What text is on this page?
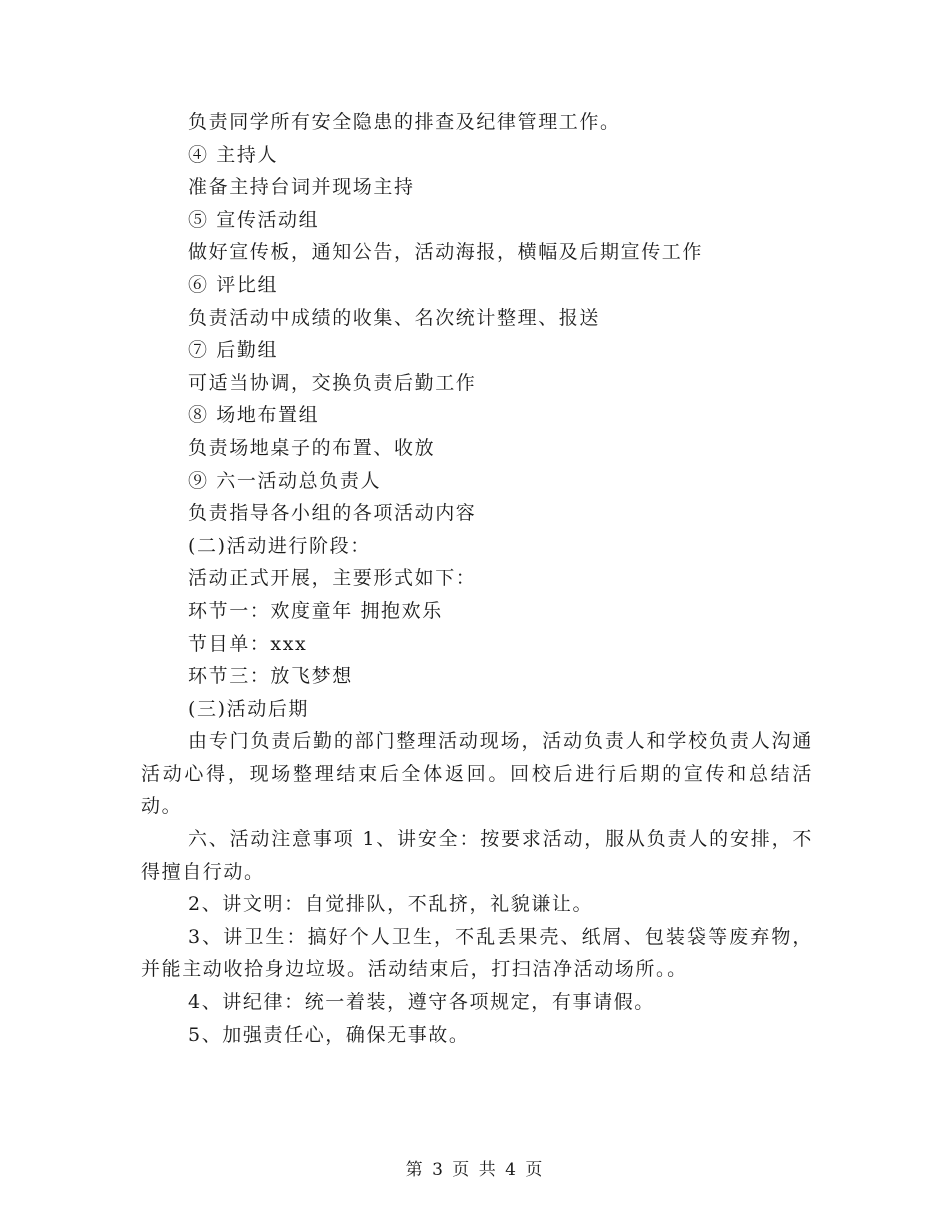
负责同学所有安全隐患的排查及纪律管理工作。

④ 主持人

准备主持台词并现场主持

⑤ 宣传活动组

做好宣传板，通知公告，活动海报，横幅及后期宣传工作

⑥ 评比组

负责活动中成绩的收集、名次统计整理、报送

⑦ 后勤组

可适当协调，交换负责后勤工作

⑧ 场地布置组

负责场地桌子的布置、收放

⑨ 六一活动总负责人

负责指导各小组的各项活动内容

(二)活动进行阶段：

活动正式开展，主要形式如下：

环节一：欢度童年 拥抱欢乐

节目单：xxx

环节三：放飞梦想

(三)活动后期

由专门负责后勤的部门整理活动现场，活动负责人和学校负责人沟通活动心得，现场整理结束后全体返回。回校后进行后期的宣传和总结活动。

六、活动注意事项 1、讲安全：按要求活动，服从负责人的安排，不得擅自行动。

2、讲文明：自觉排队，不乱挤，礼貌谦让。

3、讲卫生：搞好个人卫生，不乱丢果壳、纸屑、包装袋等废弃物，并能主动收拾身边垃圾。活动结束后，打扫洁净活动场所。。

4、讲纪律：统一着装，遵守各项规定，有事请假。

5、加强责任心，确保无事故。

第 3 页 共 4 页
